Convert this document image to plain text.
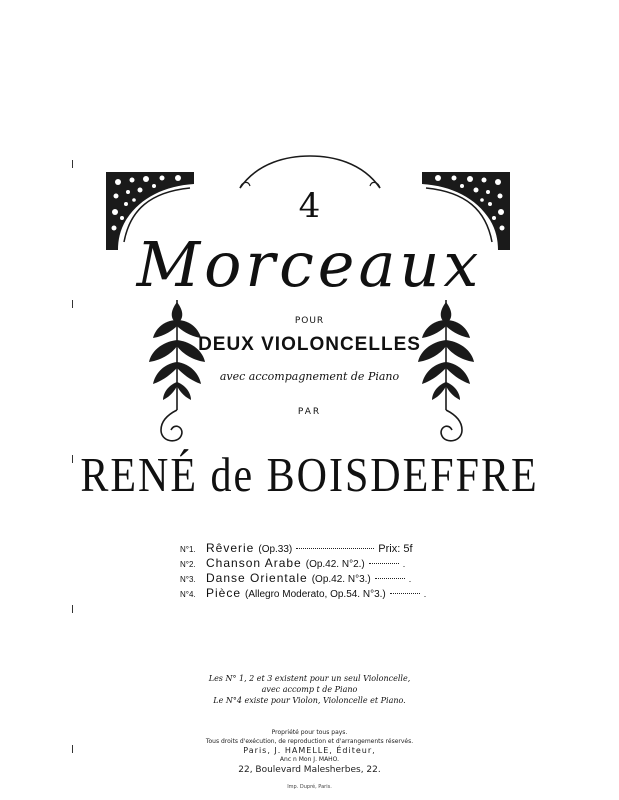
4
Morceaux
POUR
DEUX VIOLONCELLES
avec accompagnement de Piano
PAR
RENÉ de BOISDEFFRE
N°1. Rêverie (Op.33)	Prix: 5f
N°2. Chanson Arabe (Op.42. N°2.)	.
N°3. Danse Orientale (Op.42. N°3.)	.
N°4. Pièce (Allegro Moderato, Op.54. N°3.)	.
Les N° 1, 2 et 3 existent pour un seul Violoncelle,
avec accomp t de Piano
Le N°4 existe pour Violon, Violoncelle et Piano.
Propriété pour tous pays.
Tous droits d'exécution, de reproduction et d'arrangements réservés.
Paris, J. HAMELLE, Éditeur,
Anc n Mon J. MAHO.
22, Boulevard Malesherbes, 22.
Imp. Dupré, Paris.
